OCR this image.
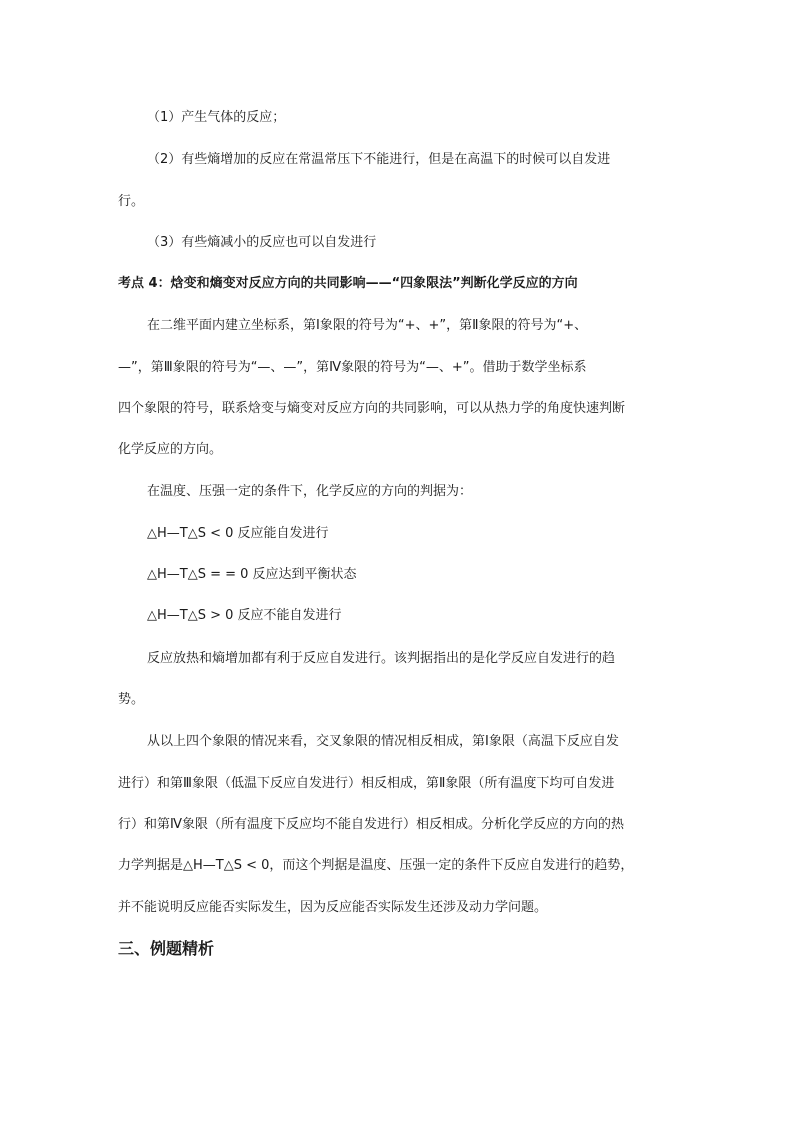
（1）产生气体的反应；
（2）有些熵增加的反应在常温常压下不能进行，但是在高温下的时候可以自发进
行。
（3）有些熵减小的反应也可以自发进行
考点 4：焓变和熵变对反应方向的共同影响——“四象限法”判断化学反应的方向
在二维平面内建立坐标系，第Ⅰ象限的符号为“+、+”，第Ⅱ象限的符号为“+、
—”，第Ⅲ象限的符号为“—、—”，第Ⅳ象限的符号为“—、+”。借助于数学坐标系
四个象限的符号，联系焓变与熵变对反应方向的共同影响，可以从热力学的角度快速判断
化学反应的方向。
在温度、压强一定的条件下，化学反应的方向的判据为：
△H—T△S < 0 反应能自发进行
△H—T△S = = 0 反应达到平衡状态
△H—T△S > 0 反应不能自发进行
反应放热和熵增加都有利于反应自发进行。该判据指出的是化学反应自发进行的趋
势。
从以上四个象限的情况来看，交叉象限的情况相反相成，第Ⅰ象限（高温下反应自发
进行）和第Ⅲ象限（低温下反应自发进行）相反相成，第Ⅱ象限（所有温度下均可自发进
行）和第Ⅳ象限（所有温度下反应均不能自发进行）相反相成。分析化学反应的方向的热
力学判据是△H—T△S < 0，而这个判据是温度、压强一定的条件下反应自发进行的趋势，
并不能说明反应能否实际发生，因为反应能否实际发生还涉及动力学问题。
三、例题精析
